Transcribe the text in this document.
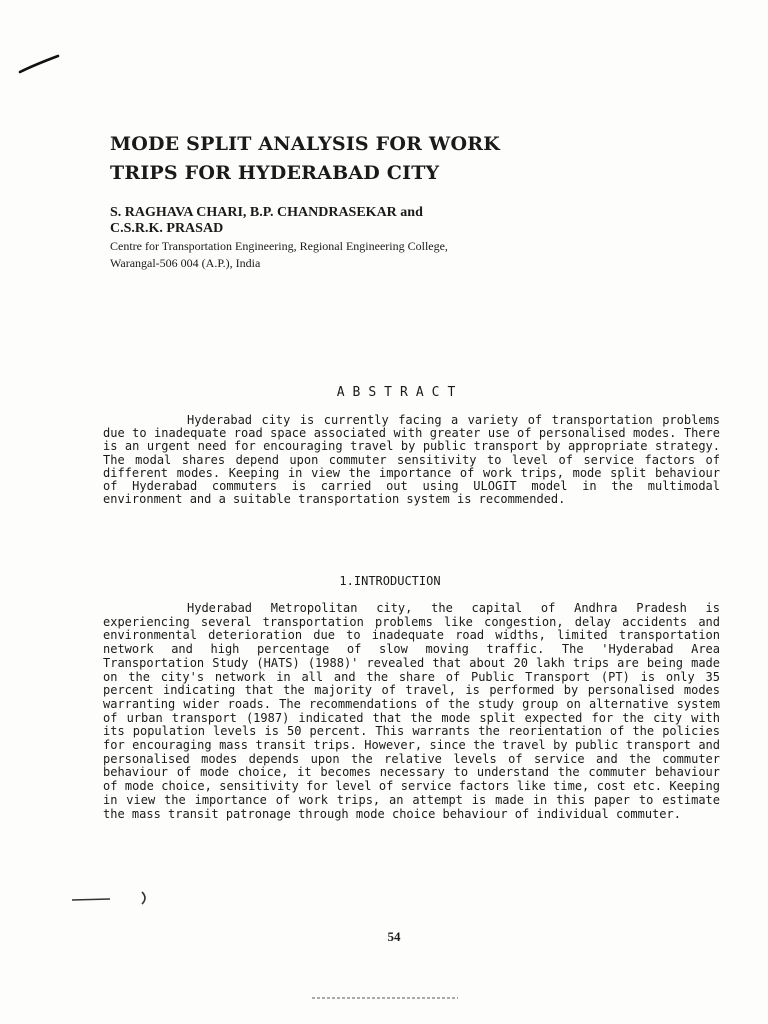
MODE SPLIT ANALYSIS FOR WORK
TRIPS FOR HYDERABAD CITY
S. RAGHAVA CHARI, B.P. CHANDRASEKAR and
C.S.R.K. PRASAD
Centre for Transportation Engineering, Regional Engineering College,
Warangal-506 004 (A.P.), India
ABSTRACT

Hyderabad city is currently facing a variety of transportation problems due to inadequate road space associated with greater use of personalised modes. There is an urgent need for encouraging travel by public transport by appropriate strategy. The modal shares depend upon commuter sensitivity to level of service factors of different modes. Keeping in view the importance of work trips, mode split behaviour of Hyderabad commuters is carried out using ULOGIT model in the multimodal environment and a suitable transportation system is recommended.

1.INTRODUCTION

Hyderabad Metropolitan city, the capital of Andhra Pradesh is experiencing several transportation problems like congestion, delay accidents and environmental deterioration due to inadequate road widths, limited transportation network and high percentage of slow moving traffic. The 'Hyderabad Area Transportation Study (HATS) (1988)' revealed that about 20 lakh trips are being made on the city's network in all and the share of Public Transport (PT) is only 35 percent indicating that the majority of travel, is performed by personalised modes warranting wider roads. The recommendations of the study group on alternative system of urban transport (1987) indicated that the mode split expected for the city with its population levels is 50 percent. This warrants the reorientation of the policies for encouraging mass transit trips. However, since the travel by public transport and personalised modes depends upon the relative levels of service and the commuter behaviour of mode choice, it becomes necessary to understand the commuter behaviour of mode choice, sensitivity for level of service factors like time, cost etc. Keeping in view the importance of work trips, an attempt is made in this paper to estimate the mass transit patronage through mode choice behaviour of individual commuter.

54
